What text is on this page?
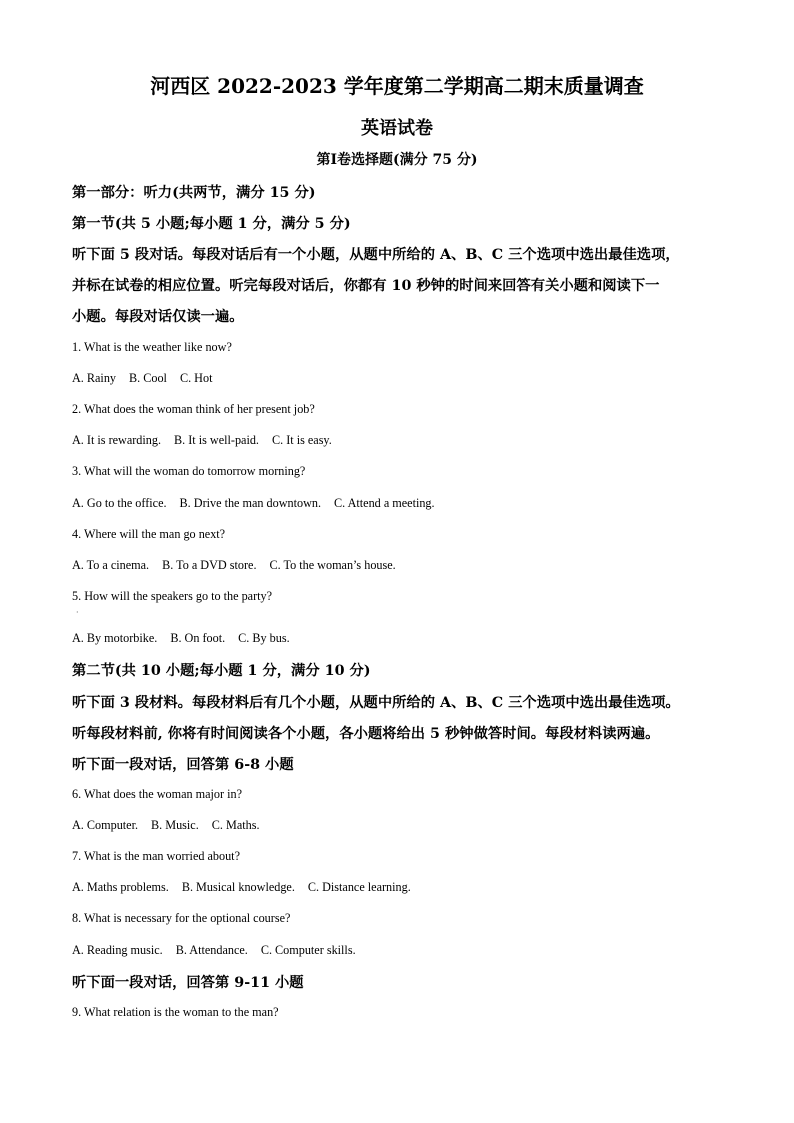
河西区 2022-2023 学年度第二学期高二期末质量调查
英语试卷
第Ⅰ卷选择题(满分 75 分)
第一部分：听力(共两节，满分 15 分)
第一节(共 5 小题;每小题 1 分，满分 5 分)
听下面 5 段对话。每段对话后有一个小题，从题中所给的 A、B、C 三个选项中选出最佳选项，
并标在试卷的相应位置。听完每段对话后，你都有 10 秒钟的时间来回答有关小题和阅读下一
小题。每段对话仅读一遍。
1. What is the weather like now?
A. Rainy B. Cool C. Hot
2. What does the woman think of her present job?
A. It is rewarding. B. It is well-paid. C. It is easy.
3. What will the woman do tomorrow morning?
A. Go to the office. B. Drive the man downtown. C. Attend a meeting.
4. Where will the man go next?
A. To a cinema. B. To a DVD store. C. To the woman’s house.
5. How will the speakers go to the party?
·
A. By motorbike. B. On foot. C. By bus.
第二节(共 10 小题;每小题 1 分，满分 10 分)
听下面 3 段材料。每段材料后有几个小题，从题中所给的 A、B、C 三个选项中选出最佳选项。
听每段材料前, 你将有时间阅读各个小题，各小题将给出 5 秒钟做答时间。每段材料读两遍。
听下面一段对话，回答第 6-8 小题
6. What does the woman major in?
A. Computer. B. Music. C. Maths.
7. What is the man worried about?
A. Maths problems. B. Musical knowledge. C. Distance learning.
8. What is necessary for the optional course?
A. Reading music. B. Attendance. C. Computer skills.
听下面一段对话，回答第 9-11 小题
9. What relation is the woman to the man?
